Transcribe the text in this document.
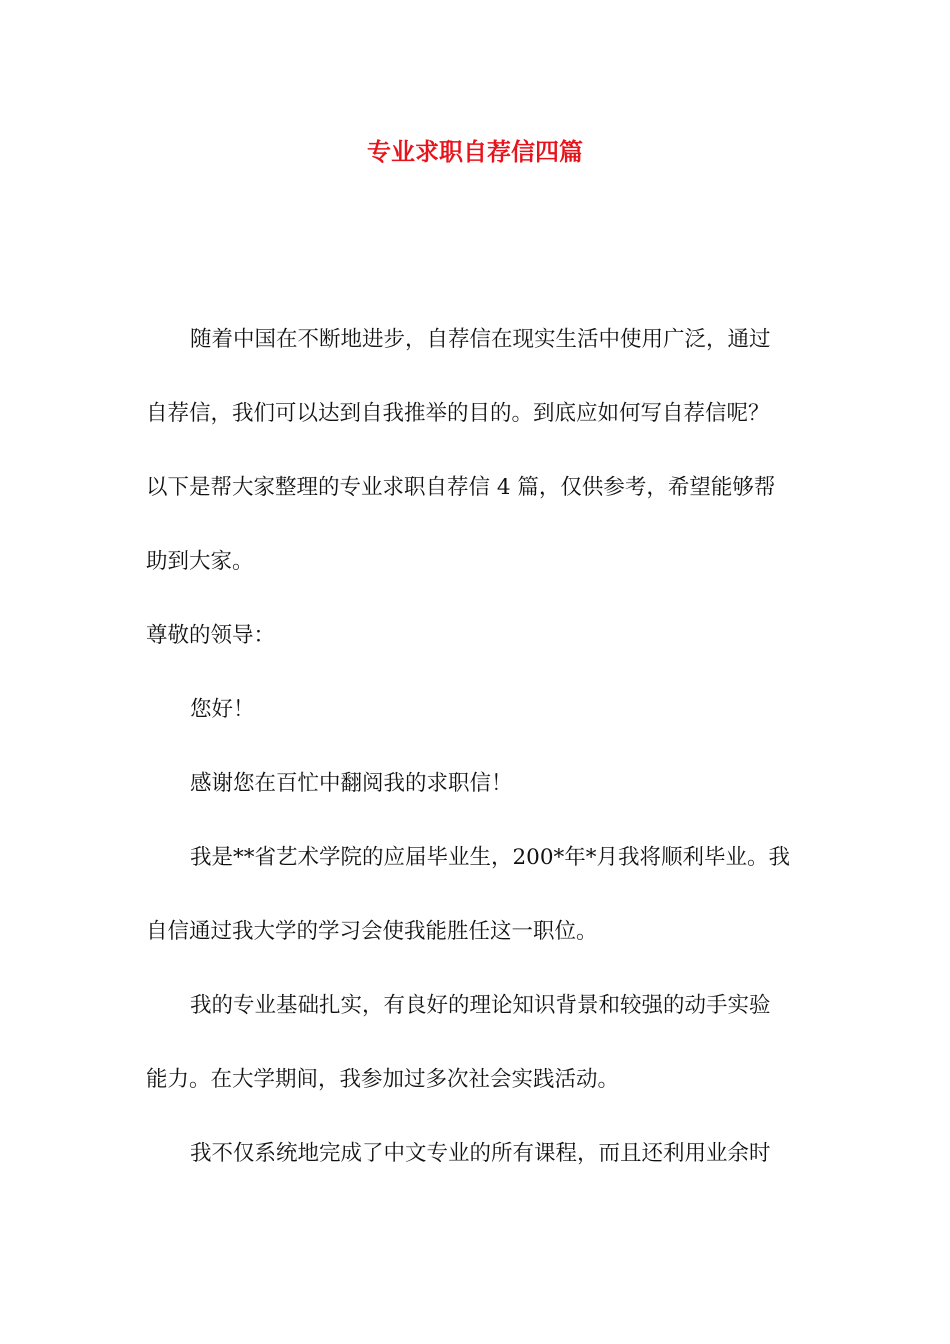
专业求职自荐信四篇

随着中国在不断地进步，自荐信在现实生活中使用广泛，通过

自荐信，我们可以达到自我推举的目的。到底应如何写自荐信呢？

以下是帮大家整理的专业求职自荐信 4 篇，仅供参考，希望能够帮

助到大家。

尊敬的领导：

您好！

感谢您在百忙中翻阅我的求职信！

我是**省艺术学院的应届毕业生，200*年*月我将顺利毕业。我

自信通过我大学的学习会使我能胜任这一职位。

我的专业基础扎实，有良好的理论知识背景和较强的动手实验

能力。在大学期间，我参加过多次社会实践活动。

我不仅系统地完成了中文专业的所有课程，而且还利用业余时
